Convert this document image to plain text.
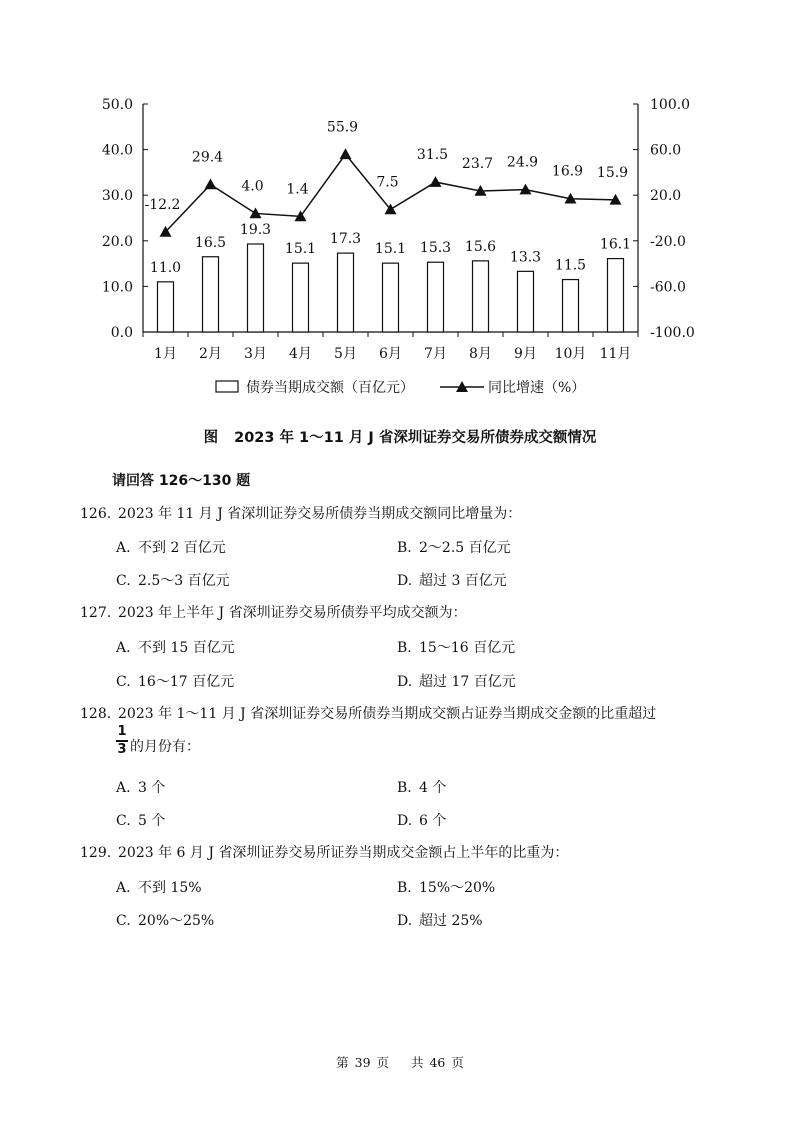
0.0
10.0
20.0
30.0
40.0
50.0
-100.0
-60.0
-20.0
20.0
60.0
100.0
1月 2月 3月 4月 5月 6月 7月 8月 9月 10月 11月
11.0
16.5
19.3
15.1
17.3
15.1 15.3 15.6
13.3
11.5
16.1
-12.2
29.4
4.0 1.4
55.9
7.5
31.5
23.7 24.9
16.9 15.9
债券当期成交额（百亿元）	同比增速（%）
图 2023 年 1～11 月 J 省深圳证券交易所债券成交额情况
请回答 126～130 题
126. 2023 年 11 月 J 省深圳证券交易所债券当期成交额同比增量为：
A. 不到 2 百亿元	B. 2～2.5 百亿元
C. 2.5～3 百亿元	D. 超过 3 百亿元
127. 2023 年上半年 J 省深圳证券交易所债券平均成交额为：
A. 不到 15 百亿元	B. 15～16 百亿元
C. 16～17 百亿元	D. 超过 17 百亿元
128. 2023 年 1～11 月 J 省深圳证券交易所债券当期成交额占证券当期成交金额的比重超过
1
3 的月份有：
A. 3 个	B. 4 个
C. 5 个	D. 6 个
129. 2023 年 6 月 J 省深圳证券交易所证券当期成交金额占上半年的比重为：
A. 不到 15%	B. 15%～20%
C. 20%～25%	D. 超过 25%
第 39 页 共 46 页
